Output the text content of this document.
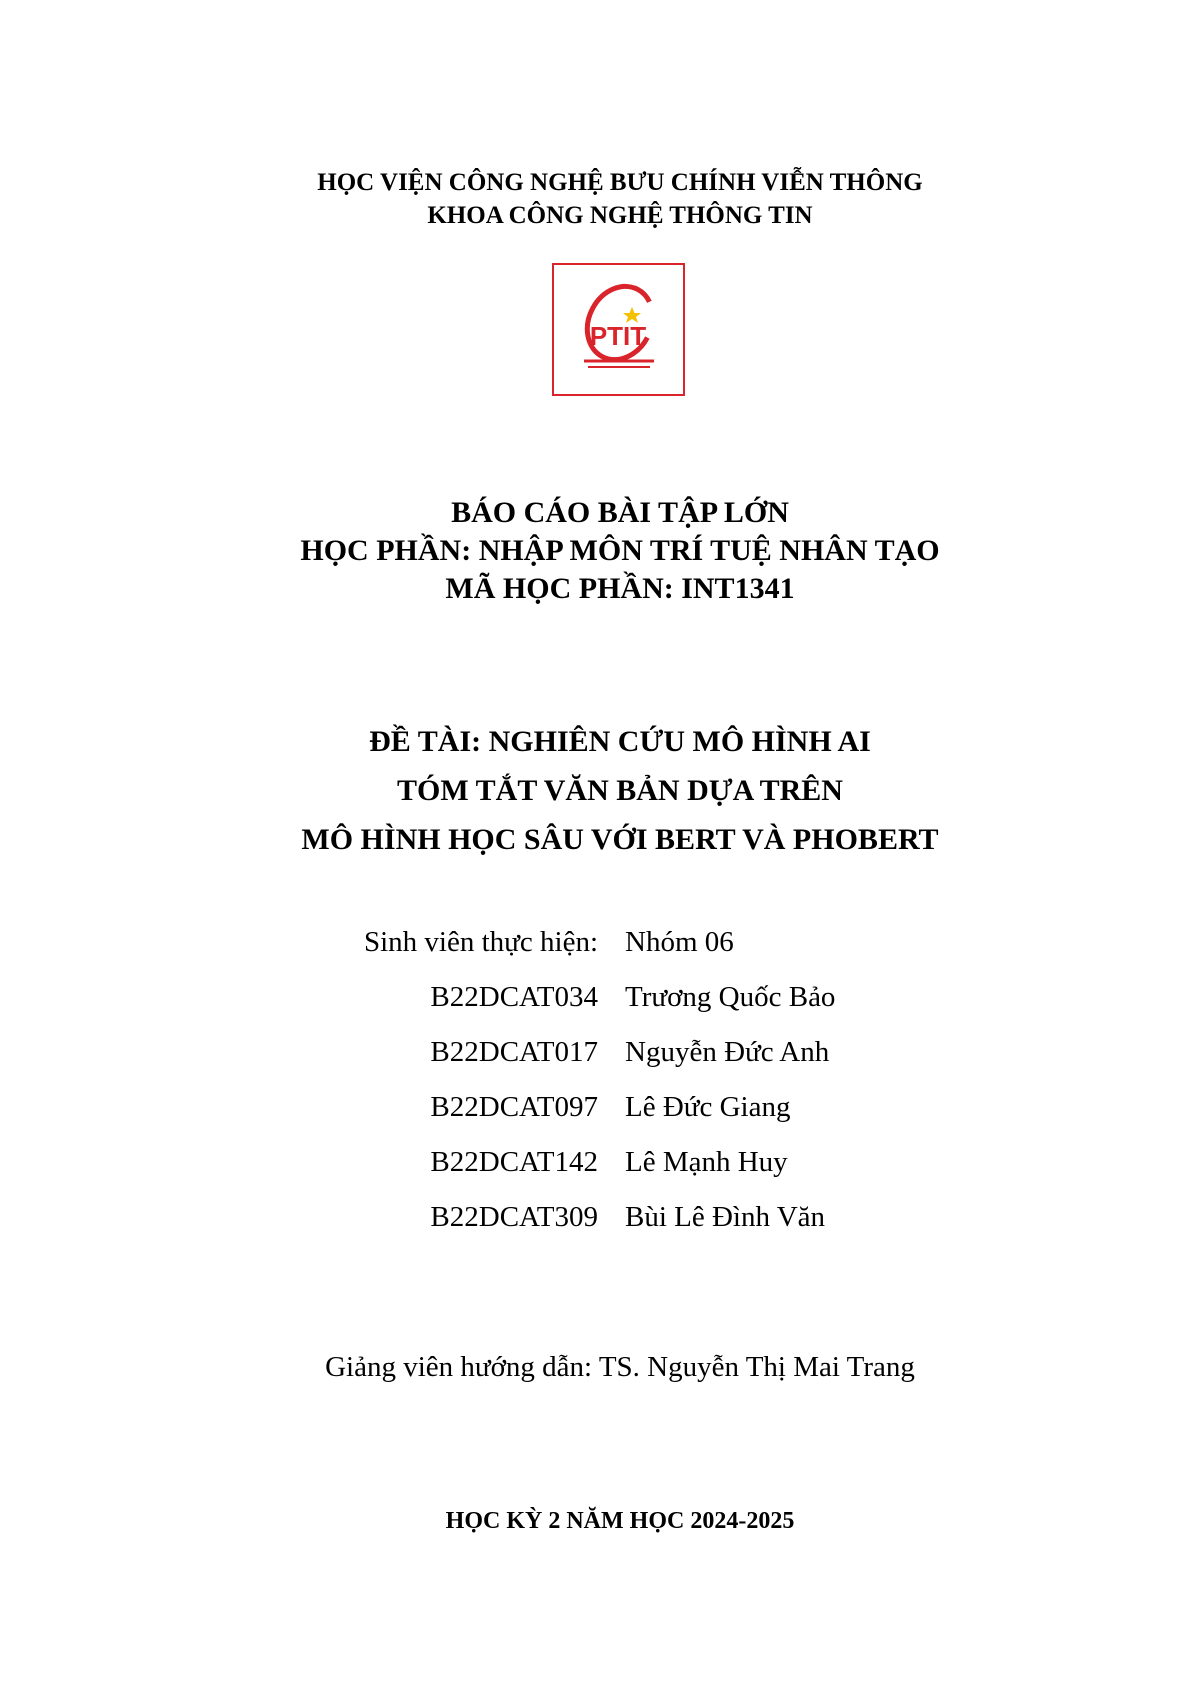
HỌC VIỆN CÔNG NGHỆ BƯU CHÍNH VIỄN THÔNG
KHOA CÔNG NGHỆ THÔNG TIN
PTIT
BÁO CÁO BÀI TẬP LỚN
HỌC PHẦN: NHẬP MÔN TRÍ TUỆ NHÂN TẠO
MÃ HỌC PHẦN: INT1341
ĐỀ TÀI: NGHIÊN CỨU MÔ HÌNH AI
TÓM TẮT VĂN BẢN DỰA TRÊN
MÔ HÌNH HỌC SÂU VỚI BERT VÀ PHOBERT
Sinh viên thực hiện: Nhóm 06
B22DCAT034 Trương Quốc Bảo
B22DCAT017 Nguyễn Đức Anh
B22DCAT097 Lê Đức Giang
B22DCAT142 Lê Mạnh Huy
B22DCAT309 Bùi Lê Đình Văn
Giảng viên hướng dẫn: TS. Nguyễn Thị Mai Trang
HỌC KỲ 2 NĂM HỌC 2024-2025
